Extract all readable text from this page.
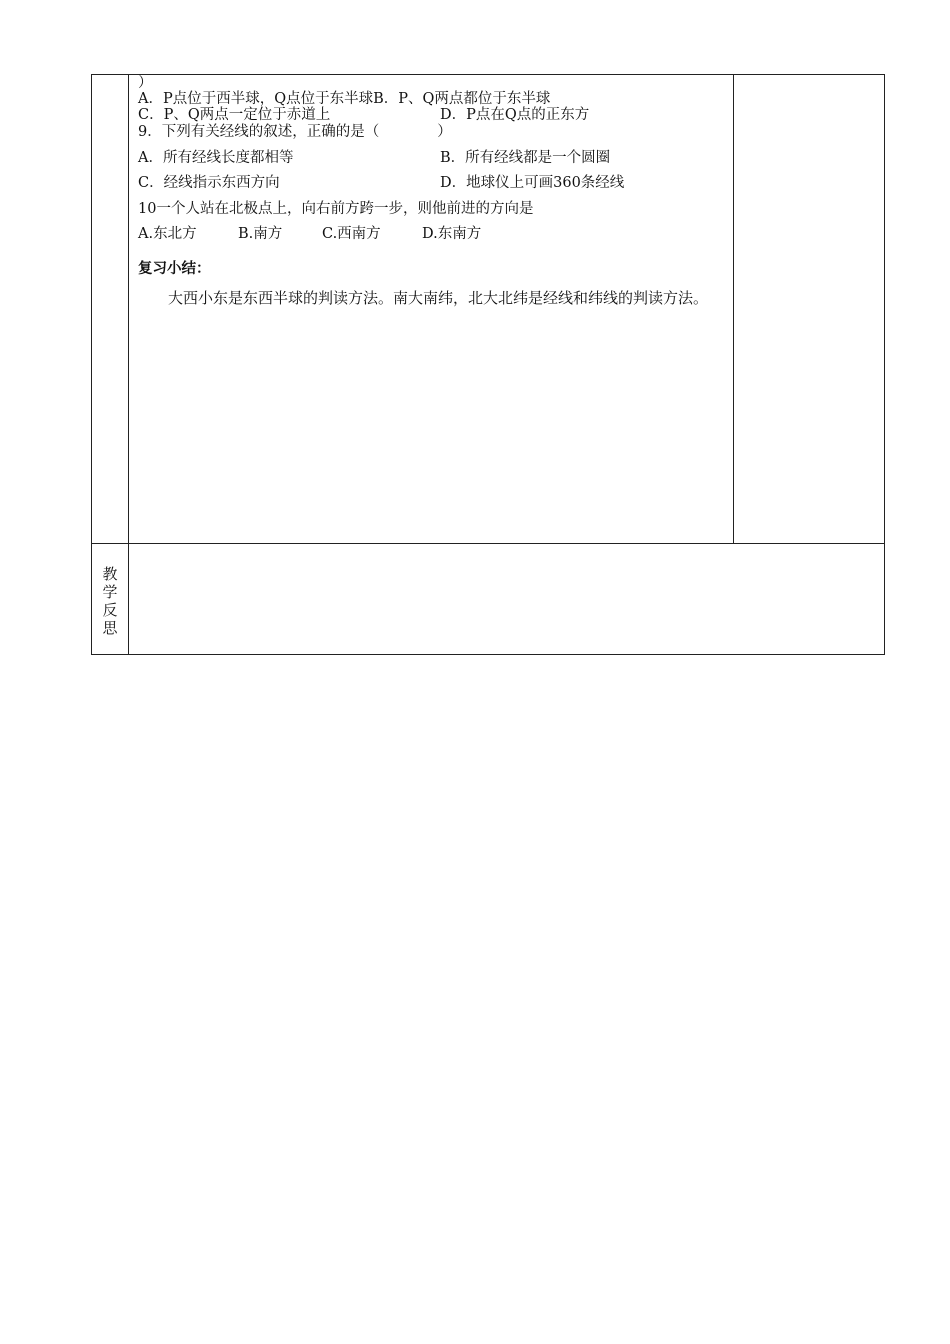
）
A．P点位于西半球，Q点位于东半球B．P、Q两点都位于东半球
C．P、Q两点一定位于赤道上	D．P点在Q点的正东方
9．下列有关经线的叙述，正确的是（　　　　）
A．所有经线长度都相等	B．所有经线都是一个圆圈
C．经线指示东西方向	D．地球仪上可画360条经线
10一个人站在北极点上，向右前方跨一步，则他前进的方向是
A.东北方	B.南方	C.西南方	D.东南方
复习小结：
大西小东是东西半球的判读方法。南大南纬，北大北纬是经线和纬线的判读方法。
教
学
反
思
